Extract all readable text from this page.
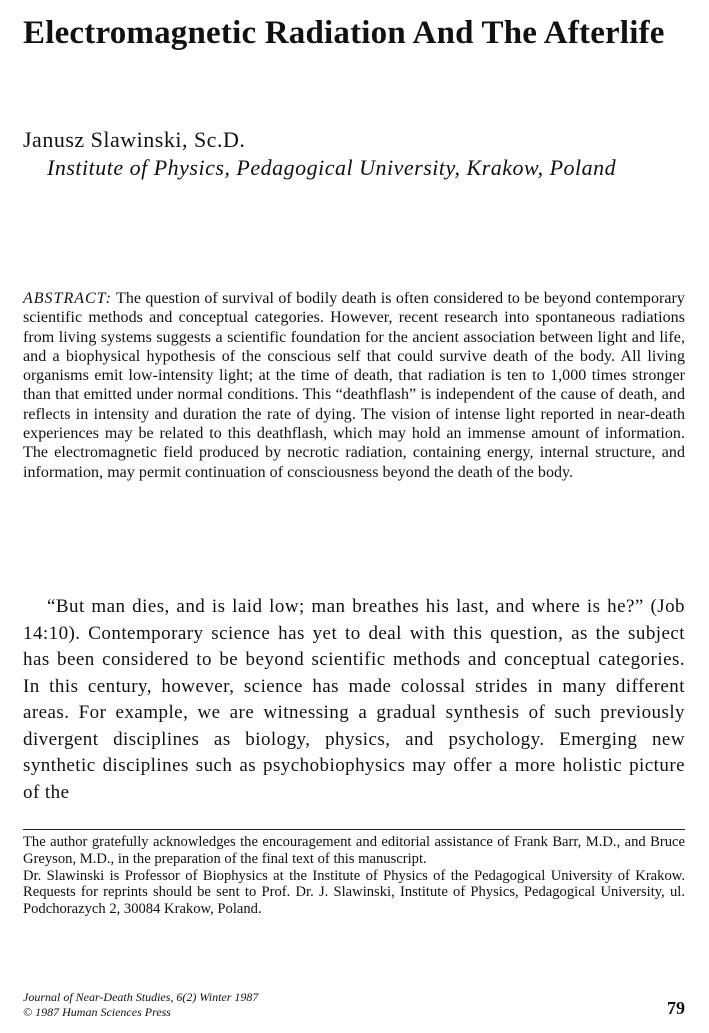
Electromagnetic Radiation And The Afterlife
Janusz Slawinski, Sc.D.
Institute of Physics, Pedagogical University, Krakow, Poland
ABSTRACT: The question of survival of bodily death is often considered to be beyond contemporary scientific methods and conceptual categories. However, recent research into spontaneous radiations from living systems suggests a scientific foundation for the ancient association between light and life, and a biophysical hypothesis of the conscious self that could survive death of the body. All living organisms emit low-intensity light; at the time of death, that radiation is ten to 1,000 times stronger than that emitted under normal conditions. This “deathflash” is independent of the cause of death, and reflects in intensity and duration the rate of dying. The vision of intense light reported in near-death experiences may be related to this deathflash, which may hold an immense amount of information. The electromagnetic field produced by necrotic radiation, containing energy, internal structure, and information, may permit continuation of consciousness beyond the death of the body.
“But man dies, and is laid low; man breathes his last, and where is he?” (Job 14:10). Contemporary science has yet to deal with this question, as the subject has been considered to be beyond scientific methods and conceptual categories. In this century, however, science has made colossal strides in many different areas. For example, we are witnessing a gradual synthesis of such previously divergent disciplines as biology, physics, and psychology. Emerging new synthetic disciplines such as psychobiophysics may offer a more holistic picture of the

The author gratefully acknowledges the encouragement and editorial assistance of Frank Barr, M.D., and Bruce Greyson, M.D., in the preparation of the final text of this manuscript.

Dr. Slawinski is Professor of Biophysics at the Institute of Physics of the Pedagogical University of Krakow. Requests for reprints should be sent to Prof. Dr. J. Slawinski, Institute of Physics, Pedagogical University, ul. Podchorazych 2, 30084 Krakow, Poland.

Journal of Near-Death Studies, 6(2) Winter 1987
© 1987 Human Sciences Press	79
